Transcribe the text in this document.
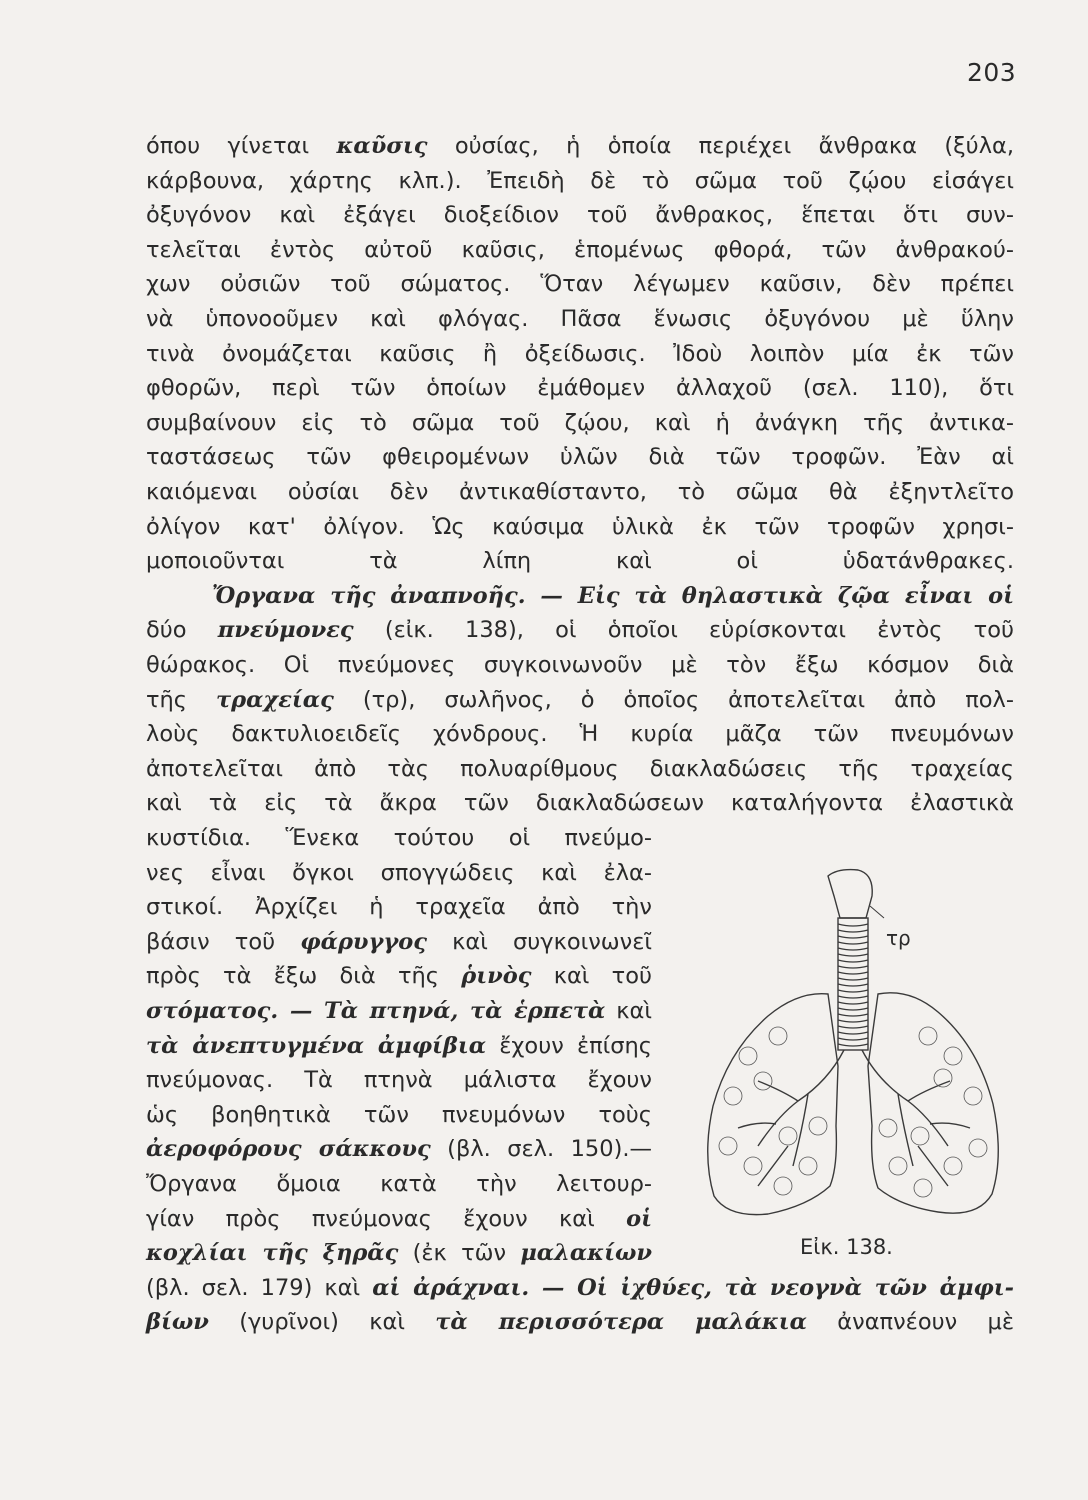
203
όπου γίνεται καῦσις οὐσίας, ἡ ὁποία περιέχει ἄνθρακα (ξύλα,
κάρβουνα, χάρτης κλπ.). Ἐπειδὴ δὲ τὸ σῶμα τοῦ ζῴου εἰσάγει
ὀξυγόνον καὶ ἐξάγει διοξείδιον τοῦ ἄνθρακος, ἕπεται ὅτι συν-
τελεῖται ἐντὸς αὐτοῦ καῦσις, ἑπομένως φθορά, τῶν ἀνθρακού-
χων οὐσιῶν τοῦ σώματος. Ὅταν λέγωμεν καῦσιν, δὲν πρέπει
νὰ ὑπονοοῦμεν καὶ φλόγας. Πᾶσα ἕνωσις ὀξυγόνου μὲ ὕλην
τινὰ ὀνομάζεται καῦσις ἢ ὀξείδωσις. Ἰδοὺ λοιπὸν μία ἐκ τῶν
φθορῶν, περὶ τῶν ὁποίων ἐμάθομεν ἀλλαχοῦ (σελ. 110), ὅτι
συμβαίνουν εἰς τὸ σῶμα τοῦ ζῴου, καὶ ἡ ἀνάγκη τῆς ἀντικα-
ταστάσεως τῶν φθειρομένων ὑλῶν διὰ τῶν τροφῶν. Ἐὰν αἱ
καιόμεναι οὐσίαι δὲν ἀντικαθίσταντο, τὸ σῶμα θὰ ἐξηντλεῖτο
ὀλίγον κατ' ὀλίγον. Ὡς καύσιμα ὑλικὰ ἐκ τῶν τροφῶν χρησι-
μοποιοῦνται τὰ λίπη καὶ οἱ ὑδατάνθρακες.
Ὄργανα τῆς ἀναπνοῆς. — Εἰς τὰ θηλαστικὰ ζῷα εἶναι οἱ
δύο πνεύμονες (εἰκ. 138), οἱ ὁποῖοι εὑρίσκονται ἐντὸς τοῦ
θώρακος. Οἱ πνεύμονες συγκοινωνοῦν μὲ τὸν ἔξω κόσμον διὰ
τῆς τραχείας (τρ), σωλῆνος, ὁ ὁποῖος ἀποτελεῖται ἀπὸ πολ-
λοὺς δακτυλιοειδεῖς χόνδρους. Ἡ κυρία μᾶζα τῶν πνευμόνων
ἀποτελεῖται ἀπὸ τὰς πολυαρίθμους διακλαδώσεις τῆς τραχείας
καὶ τὰ εἰς τὰ ἄκρα τῶν διακλαδώσεων καταλήγοντα ἐλαστικὰ
κυστίδια. Ἕνεκα τούτου οἱ πνεύμο-
νες εἶναι ὄγκοι σπογγώδεις καὶ ἐλα-
στικοί. Ἀρχίζει ἡ τραχεῖα ἀπὸ τὴν
βάσιν τοῦ φάρυγγος καὶ συγκοινωνεῖ
πρὸς τὰ ἔξω διὰ τῆς ῥινὸς καὶ τοῦ
στόματος. — Τὰ πτηνά, τὰ ἑρπετὰ καὶ
τὰ ἀνεπτυγμένα ἀμφίβια ἔχουν ἐπίσης
πνεύμονας. Τὰ πτηνὰ μάλιστα ἔχουν
ὡς βοηθητικὰ τῶν πνευμόνων τοὺς
ἀεροφόρους σάκκους (βλ. σελ. 150).—
Ὄργανα ὅμοια κατὰ τὴν λειτουρ-
γίαν πρὸς πνεύμονας ἔχουν καὶ οἱ
κοχλίαι τῆς ξηρᾶς (ἐκ τῶν μαλακίων
(βλ. σελ. 179) καὶ αἱ ἀράχναι. — Οἱ ἰχθύες, τὰ νεογνὰ τῶν ἀμφι-
βίων (γυρῖνοι) καὶ τὰ περισσότερα μαλάκια ἀναπνέουν μὲ
τρ
Εἰκ. 138.
